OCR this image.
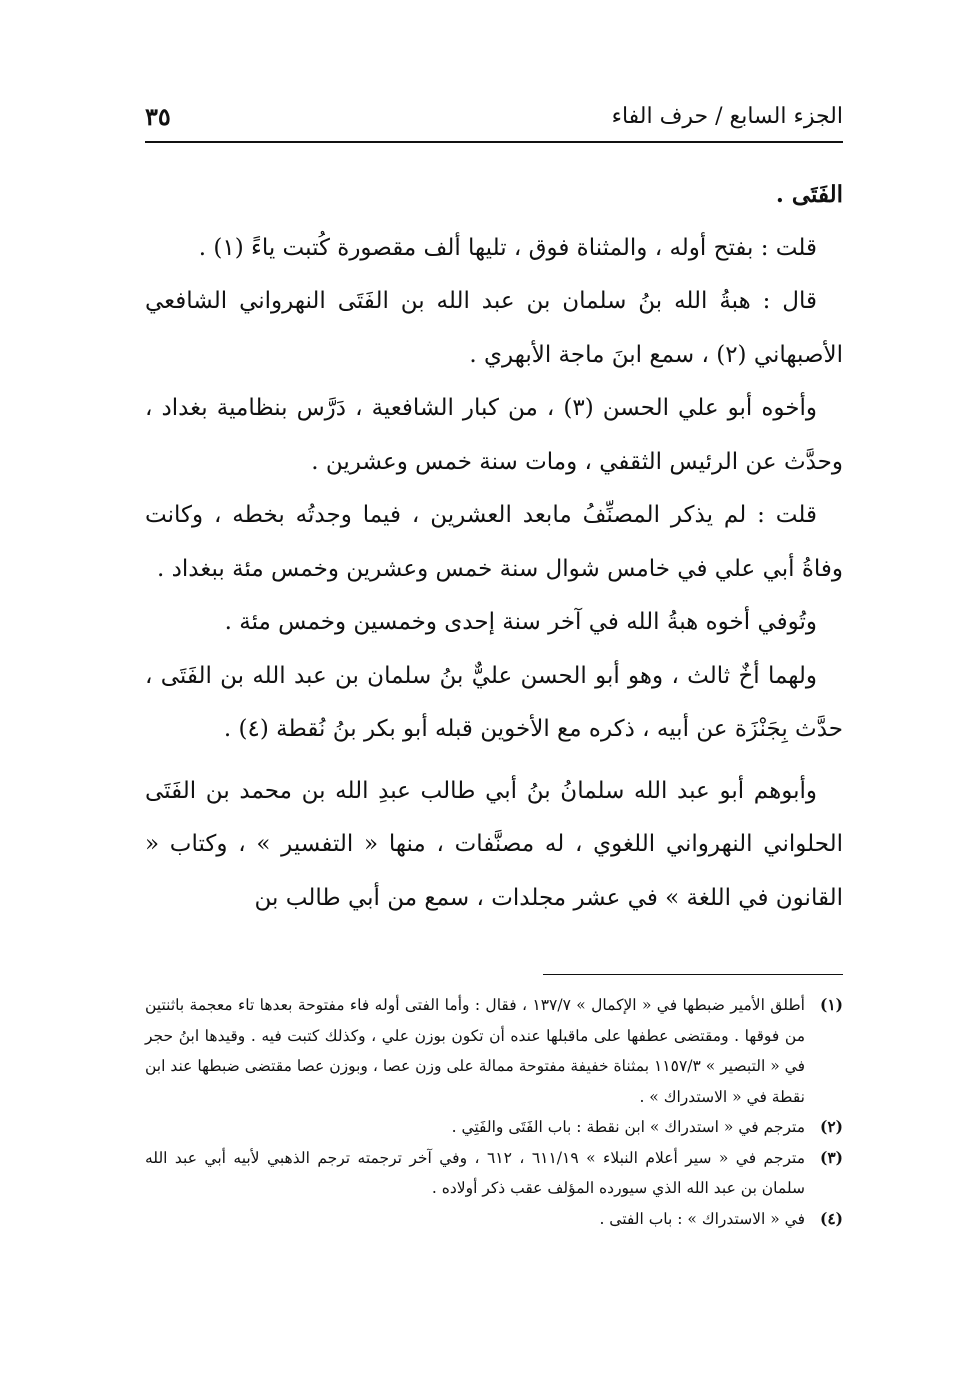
الجزء السابع / حرف الفاء
٣٥

الفَتَى .

قلت : بفتح أوله ، والمثناة فوق ، تليها ألف مقصورة كُتبت ياءً (١) .

قال : هبةُ الله بنُ سلمان بن عبد الله بن الفَتَى النهرواني الشافعي الأصبهاني (٢) ، سمع ابنَ ماجة الأبهري .

وأخوه أبو علي الحسن (٣) ، من كبار الشافعية ، دَرَّس بنظامية بغداد ، وحدَّث عن الرئيس الثقفي ، ومات سنة خمس وعشرين .

قلت : لم يذكر المصنِّفُ مابعد العشرين ، فيما وجدتُه بخطه ، وكانت وفاةُ أبي علي في خامس شوال سنة خمس وعشرين وخمس مئة ببغداد .

وتُوفي أخوه هبةُ الله في آخر سنة إحدى وخمسين وخمس مئة .

ولهما أخٌ ثالث ، وهو أبو الحسن عليٌّ بنُ سلمان بن عبد الله بن الفَتَى ، حدَّث بِجَنْزَة عن أبيه ، ذكره مع الأخوين قبله أبو بكر بنُ نُقطة (٤) .

وأبوهم أبو عبد الله سلمانُ بنُ أبي طالب عبدِ الله بن محمد بن الفَتَى الحلواني النهرواني اللغوي ، له مصنَّفات ، منها « التفسير » ، وكتاب « القانون في اللغة » في عشر مجلدات ، سمع من أبي طالب بن

(١)
أطلق الأمير ضبطها في « الإكمال » ١٣٧/٧ ، فقال : وأما الفتى أوله فاء مفتوحة بعدها تاء معجمة باثنتين من فوقها . ومقتضى عطفها على ماقبلها عنده أن تكون بوزن علي ، وكذلك كتبت فيه . وقيدها ابنُ حجر في « التبصير » ١١٥٧/٣ بمثناة خفيفة مفتوحة ممالة على وزن عصا ، وبوزن عصا مقتضى ضبطها عند ابن نقطة في « الاستدراك » .
(٢)
مترجم في « استدراك » ابن نقطة : باب الفَتَى والفَتِي .
(٣)
مترجم في « سير أعلام النبلاء » ٦١١/١٩ ، ٦١٢ ، وفي آخر ترجمته ترجم الذهبي لأبيه أبي عبد الله سلمان بن عبد الله الذي سيورده المؤلف عقب ذكر أولاده .
(٤)
في « الاستدراك » : باب الفتى .
